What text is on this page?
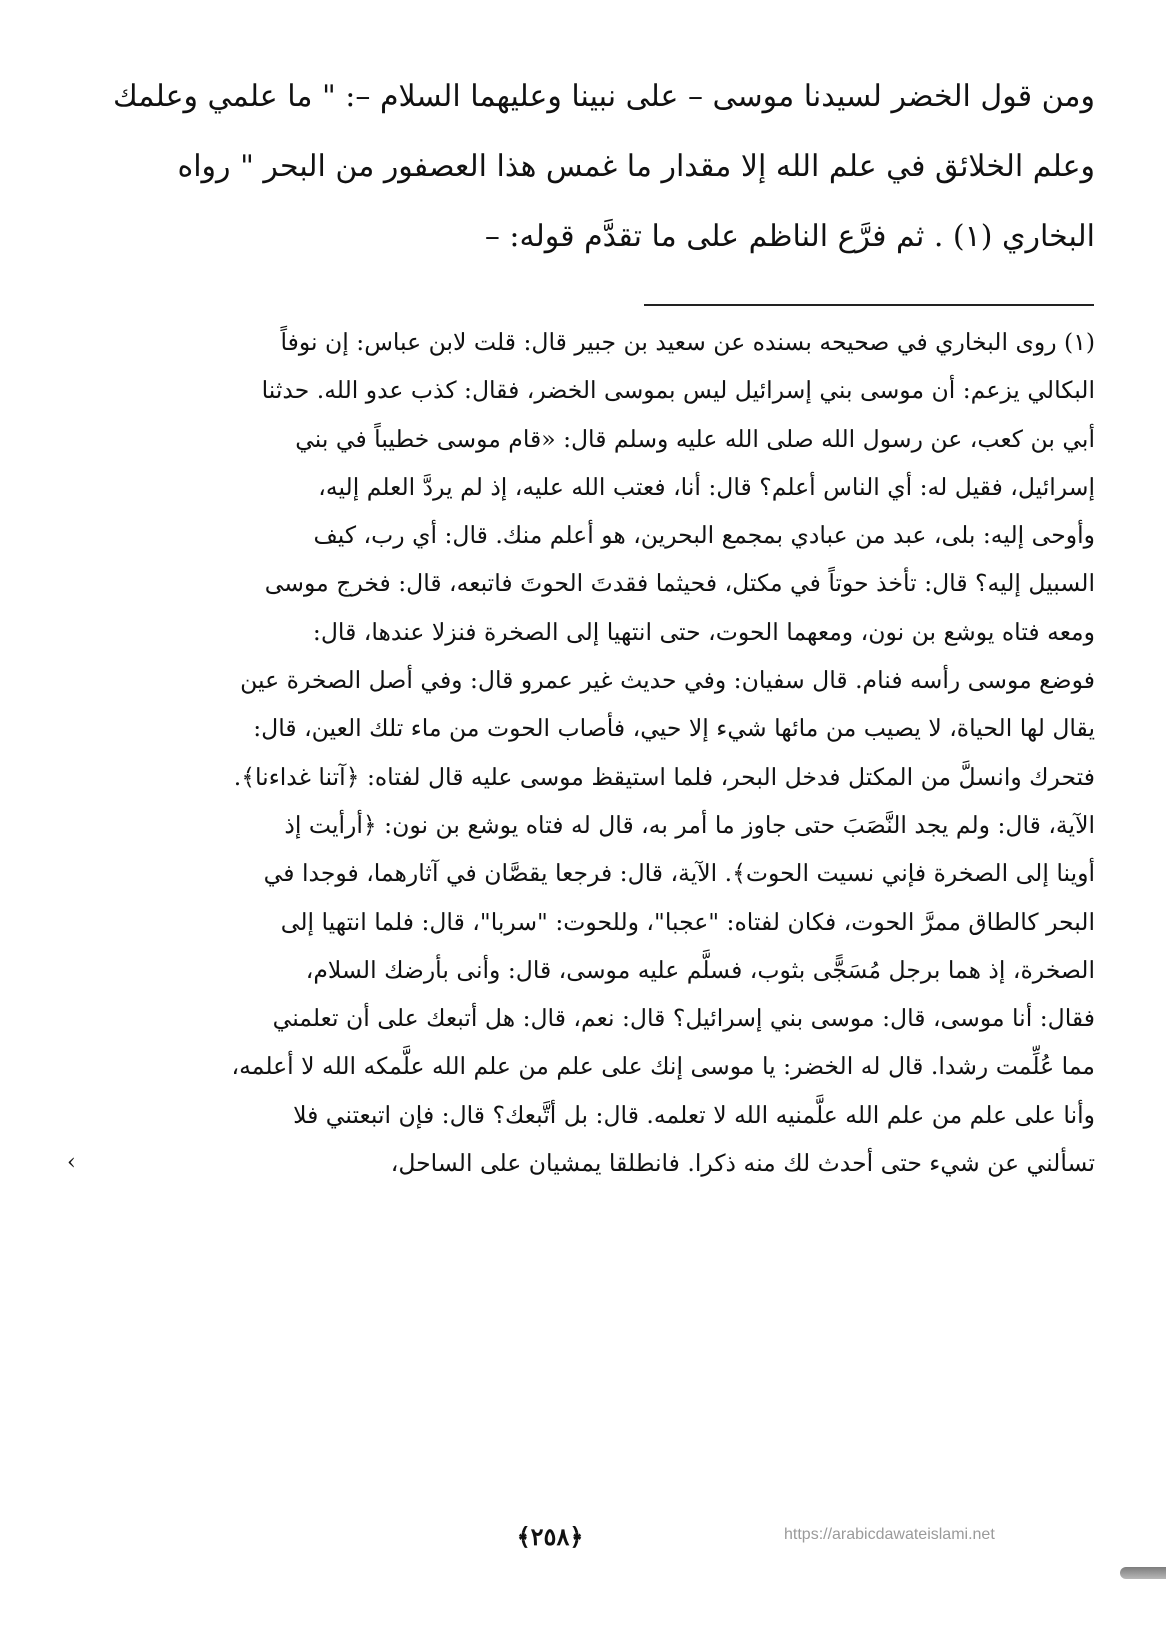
ومن قول الخضر لسيدنا موسى – على نبينا وعليهما السلام –: " ما علمي وعلمك
وعلم الخلائق في علم الله إلا مقدار ما غمس هذا العصفور من البحر " رواه
البخاري (١) . ثم فرَّع الناظم على ما تقدَّم قوله: –
(١) روى البخاري في صحيحه بسنده عن سعيد بن جبير قال: قلت لابن عباس: إن نوفاً
البكالي يزعم: أن موسى بني إسرائيل ليس بموسى الخضر، فقال: كذب عدو الله. حدثنا
أبي بن كعب، عن رسول الله صلى الله عليه وسلم قال: «قام موسى خطيباً في بني
إسرائيل، فقيل له: أي الناس أعلم؟ قال: أنا، فعتب الله عليه، إذ لم يردَّ العلم إليه،
وأوحى إليه: بلى، عبد من عبادي بمجمع البحرين، هو أعلم منك. قال: أي رب، كيف
السبيل إليه؟ قال: تأخذ حوتاً في مكتل، فحيثما فقدتَ الحوتَ فاتبعه، قال: فخرج موسى
ومعه فتاه يوشع بن نون، ومعهما الحوت، حتى انتهيا إلى الصخرة فنزلا عندها، قال:
فوضع موسى رأسه فنام. قال سفيان: وفي حديث غير عمرو قال: وفي أصل الصخرة عين
يقال لها الحياة، لا يصيب من مائها شيء إلا حيي، فأصاب الحوت من ماء تلك العين، قال:
فتحرك وانسلَّ من المكتل فدخل البحر، فلما استيقظ موسى عليه قال لفتاه: ﴿آتنا غداءنا﴾.
الآية، قال: ولم يجد النَّصَبَ حتى جاوز ما أمر به، قال له فتاه يوشع بن نون: ﴿أرأيت إذ
أوينا إلى الصخرة فإني نسيت الحوت﴾. الآية، قال: فرجعا يقصَّان في آثارهما، فوجدا في
البحر كالطاق ممرَّ الحوت، فكان لفتاه: "عجبا"، وللحوت: "سربا"، قال: فلما انتهيا إلى
الصخرة، إذ هما برجل مُسَجًّى بثوب، فسلَّم عليه موسى، قال: وأنى بأرضك السلام،
فقال: أنا موسى، قال: موسى بني إسرائيل؟ قال: نعم، قال: هل أتبعك على أن تعلمني
مما عُلِّمت رشدا. قال له الخضر: يا موسى إنك على علم من علم الله علَّمكه الله لا أعلمه،
وأنا على علم من علم الله علَّمنيه الله لا تعلمه. قال: بل أتَّبعك؟ قال: فإن اتبعتني فلا
تسألني عن شيء حتى أحدث لك منه ذكرا. فانطلقا يمشيان على الساحل،
›
﴿٢٥٨﴾	https://arabicdawateislami.net
